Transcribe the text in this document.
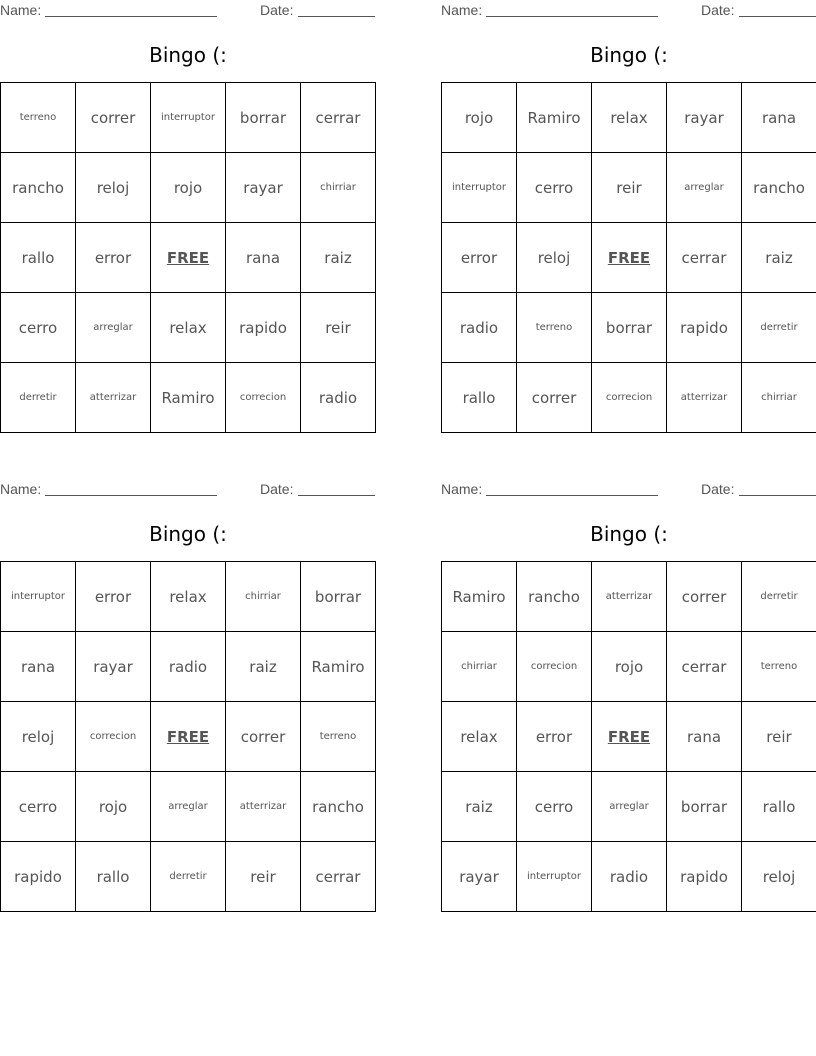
Name:	Date:
Bingo (:
terreno	correr	interruptor	borrar	cerrar
rancho	reloj	rojo	rayar	chirriar
rallo	error	FREE	rana	raiz
cerro	arreglar	relax	rapido	reir
derretir	atterrizar	Ramiro	correcion	radio
Name:	Date:
Bingo (:
rojo	Ramiro	relax	rayar	rana
interruptor	cerro	reir	arreglar	rancho
error	reloj	FREE	cerrar	raiz
radio	terreno	borrar	rapido	derretir
rallo	correr	correcion	atterrizar	chirriar
Name:	Date:
Bingo (:
interruptor	error	relax	chirriar	borrar
rana	rayar	radio	raiz	Ramiro
reloj	correcion	FREE	correr	terreno
cerro	rojo	arreglar	atterrizar	rancho
rapido	rallo	derretir	reir	cerrar
Name:	Date:
Bingo (:
Ramiro	rancho	atterrizar	correr	derretir
chirriar	correcion	rojo	cerrar	terreno
relax	error	FREE	rana	reir
raiz	cerro	arreglar	borrar	rallo
rayar	interruptor	radio	rapido	reloj
